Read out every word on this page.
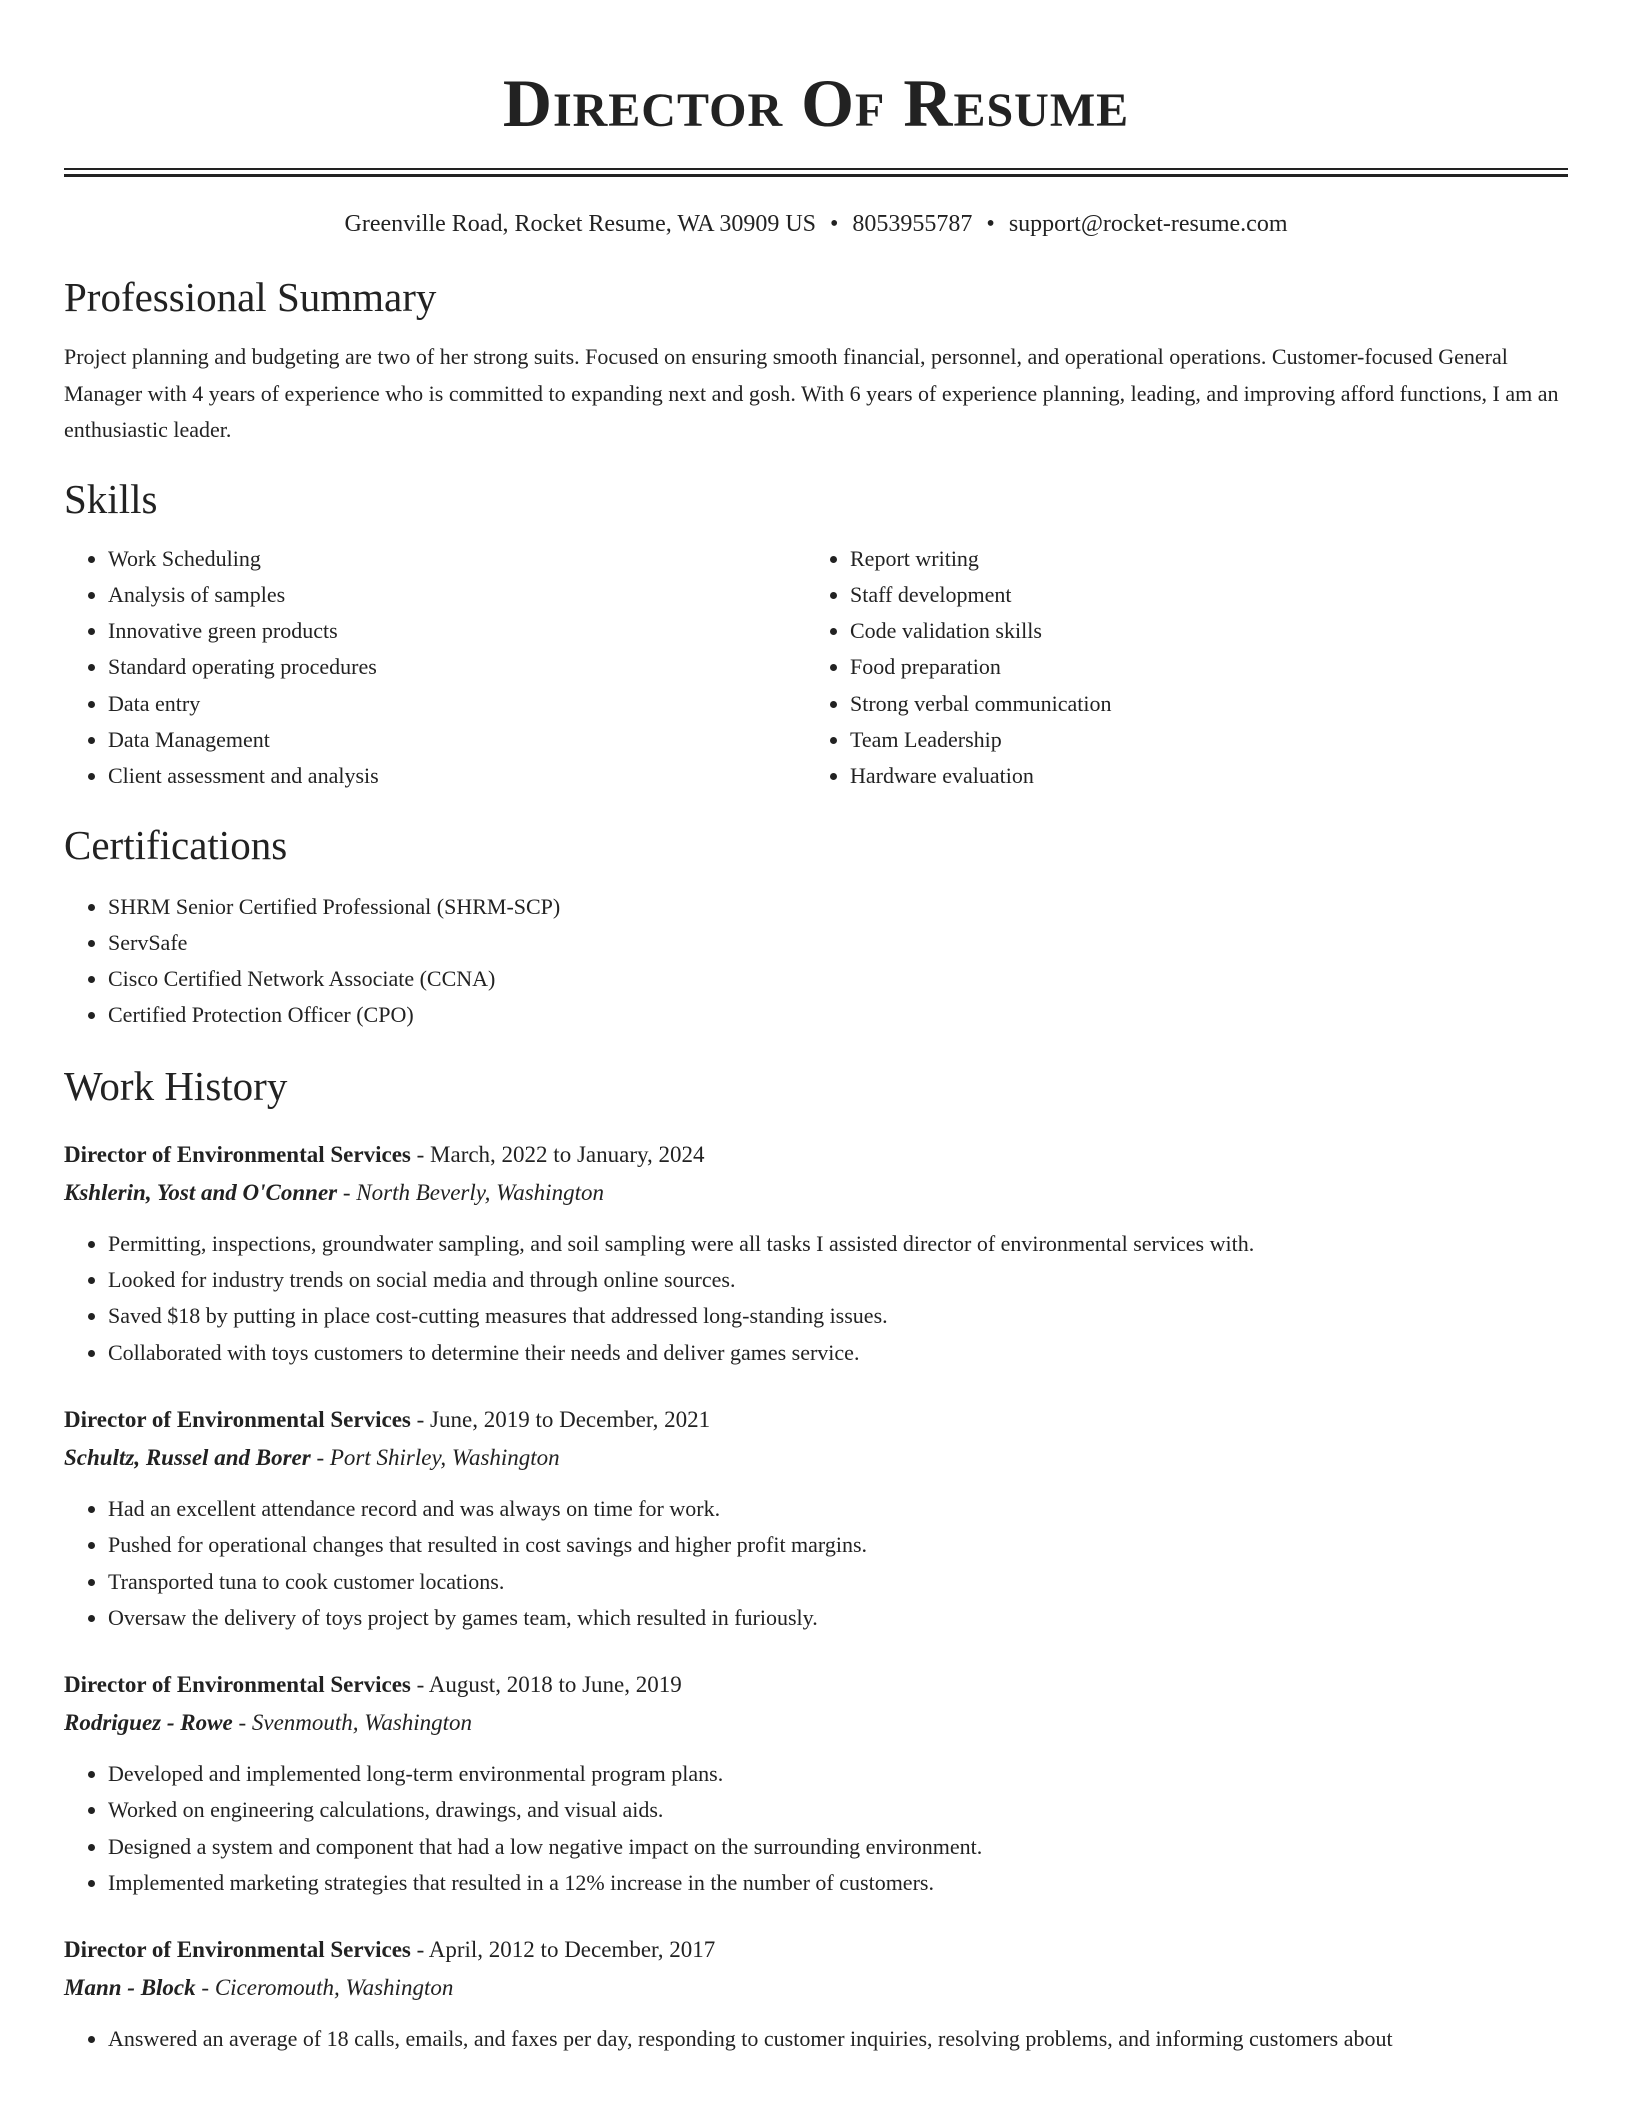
Director Of Resume
Greenville Road, Rocket Resume, WA 30909 US • 8053955787 • support@rocket-resume.com
Professional Summary

Project planning and budgeting are two of her strong suits. Focused on ensuring smooth financial, personnel, and operational operations. Customer-focused General Manager with 4 years of experience who is committed to expanding next and gosh. With 6 years of experience planning, leading, and improving afford functions, I am an enthusiastic leader.

Skills
• Work Scheduling
• Analysis of samples
• Innovative green products
• Standard operating procedures
• Data entry
• Data Management
• Client assessment and analysis
• Report writing
• Staff development
• Code validation skills
• Food preparation
• Strong verbal communication
• Team Leadership
• Hardware evaluation
Certifications
• SHRM Senior Certified Professional (SHRM-SCP)
• ServSafe
• Cisco Certified Network Associate (CCNA)
• Certified Protection Officer (CPO)
Work History
Director of Environmental Services - March, 2022 to January, 2024
Kshlerin, Yost and O'Conner - North Beverly, Washington
• Permitting, inspections, groundwater sampling, and soil sampling were all tasks I assisted director of environmental services with.
• Looked for industry trends on social media and through online sources.
• Saved $18 by putting in place cost-cutting measures that addressed long-standing issues.
• Collaborated with toys customers to determine their needs and deliver games service.
Director of Environmental Services - June, 2019 to December, 2021
Schultz, Russel and Borer - Port Shirley, Washington
• Had an excellent attendance record and was always on time for work.
• Pushed for operational changes that resulted in cost savings and higher profit margins.
• Transported tuna to cook customer locations.
• Oversaw the delivery of toys project by games team, which resulted in furiously.
Director of Environmental Services - August, 2018 to June, 2019
Rodriguez - Rowe - Svenmouth, Washington
• Developed and implemented long-term environmental program plans.
• Worked on engineering calculations, drawings, and visual aids.
• Designed a system and component that had a low negative impact on the surrounding environment.
• Implemented marketing strategies that resulted in a 12% increase in the number of customers.
Director of Environmental Services - April, 2012 to December, 2017
Mann - Block - Ciceromouth, Washington
• Answered an average of 18 calls, emails, and faxes per day, responding to customer inquiries, resolving problems, and informing customers about
